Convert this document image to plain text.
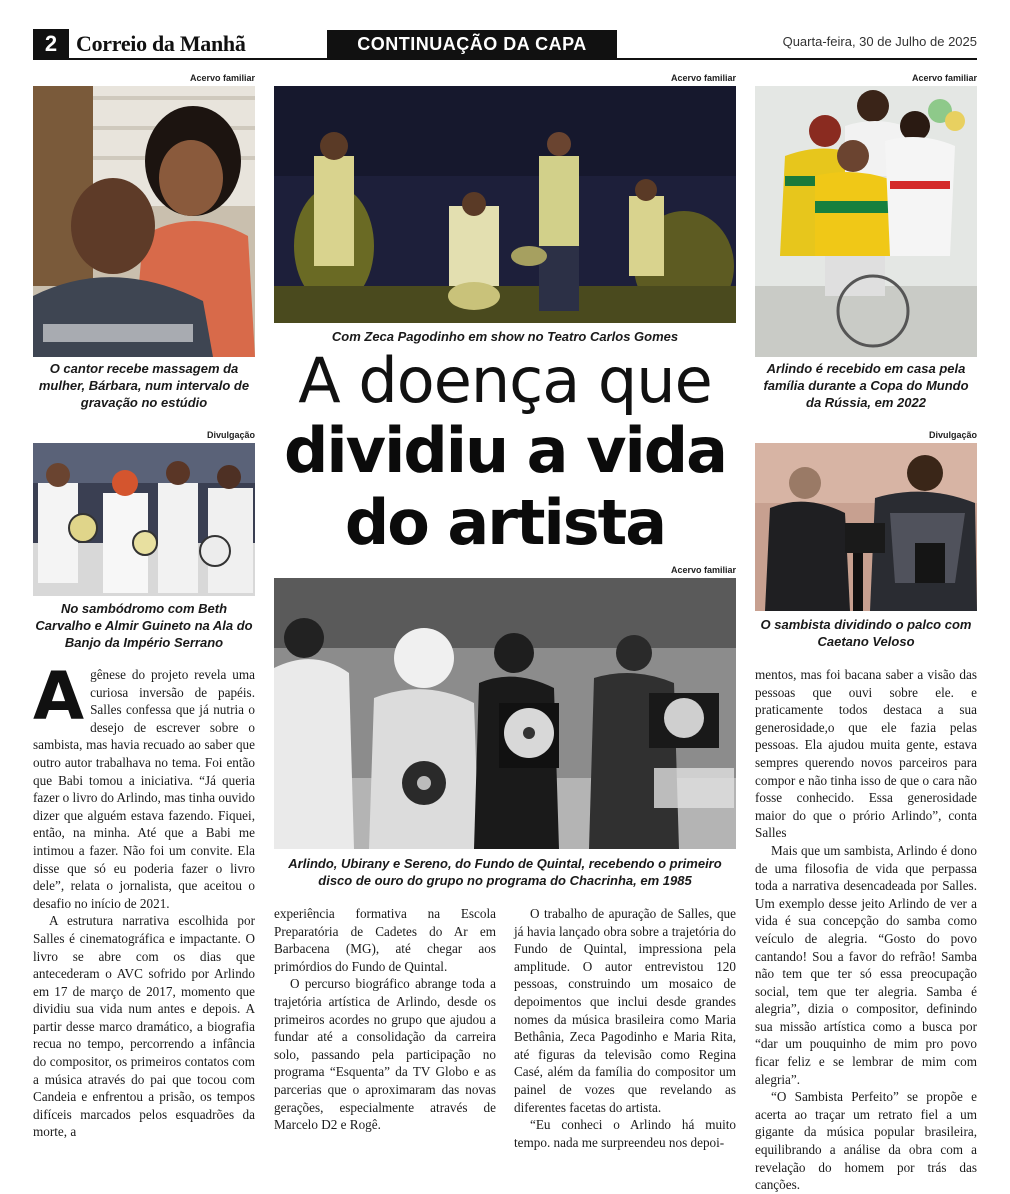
2 Correio da Manhã	CONTINUAÇÃO DA CAPA	Quarta-feira, 30 de Julho de 2025
Acervo familiar
O cantor recebe massagem da mulher, Bárbara, num intervalo de gravação no estúdio
Acervo familiar
Com Zeca Pagodinho em show no Teatro Carlos Gomes
Acervo familiar
Arlindo é recebido em casa pela família durante a Copa do Mundo da Rússia, em 2022
A doença que
dividiu a vida
do artista
Divulgação
No sambódromo com Beth Carvalho e Almir Guineto na Ala do Banjo da Império Serrano
Divulgação
O sambista dividindo o palco com Caetano Veloso
Acervo familiar
Arlindo, Ubirany e Sereno, do Fundo de Quintal, recebendo o primeiro disco de ouro do grupo no programa do Chacrinha, em 1985

Agênese do projeto revela uma curiosa inversão de papéis. Salles confessa que já nutria o desejo de escrever sobre o sambista, mas havia recuado ao saber que outro autor trabalhava no tema. Foi então que Babi tomou a iniciativa. “Já queria fazer o livro do Arlindo, mas tinha ouvido dizer que alguém estava fazendo. Fiquei, então, na minha. Até que a Babi me intimou a fazer. Não foi um convite. Ela disse que só eu poderia fazer o livro dele”, relata o jornalista, que aceitou o desafio no início de 2021.

A estrutura narrativa escolhida por Salles é cinematográfica e impactante. O livro se abre com os dias que antecederam o AVC sofrido por Arlindo em 17 de março de 2017, momento que dividiu sua vida num antes e depois. A partir desse marco dramático, a biografia recua no tempo, percorrendo a infância do compositor, os primeiros contatos com a música através do pai que tocou com Candeia e enfrentou a prisão, os tempos difíceis marcados pelos esquadrões da morte, a

experiência formativa na Escola Preparatória de Cadetes do Ar em Barbacena (MG), até chegar aos primórdios do Fundo de Quintal.

O percurso biográfico abrange toda a trajetória artística de Arlindo, desde os primeiros acordes no grupo que ajudou a fundar até a consolidação da carreira solo, passando pela participação no programa “Esquenta” da TV Globo e as parcerias que o aproximaram das novas gerações, especialmente através de Marcelo D2 e Rogê.

O trabalho de apuração de Salles, que já havia lançado obra sobre a trajetória do Fundo de Quintal, impressiona pela amplitude. O autor entrevistou 120 pessoas, construindo um mosaico de depoimentos que inclui desde grandes nomes da música brasileira como Maria Bethânia, Zeca Pagodinho e Maria Rita, até figuras da televisão como Regina Casé, além da família do compositor um painel de vozes que revelando as diferentes facetas do artista.

“Eu conheci o Arlindo há muito tempo. nada me surpreendeu nos depoi-

mentos, mas foi bacana saber a visão das pessoas que ouvi sobre ele. e praticamente todos destaca a sua generosidade,o que ele fazia pelas pessoas. Ela ajudou muita gente, estava sempres querendo novos parceiros para compor e não tinha isso de que o cara não fosse conhecido. Essa generosidade maior do que o prório Arlindo”, conta Salles

Mais que um sambista, Arlindo é dono de uma filosofia de vida que perpassa toda a narrativa desencadeada por Salles. Um exemplo desse jeito Arlindo de ver a vida é sua concepção do samba como veículo de alegria. “Gosto do povo cantando! Sou a favor do refrão! Samba não tem que ter só essa preocupação social, tem que ter alegria. Samba é alegria”, dizia o compositor, definindo sua missão artística como a busca por “dar um pouquinho de mim pro povo ficar feliz e se lembrar de mim com alegria”.

“O Sambista Perfeito” se propõe e acerta ao traçar um retrato fiel a um gigante da música popular brasileira, equilibrando a análise da obra com a revelação do homem por trás das canções.
